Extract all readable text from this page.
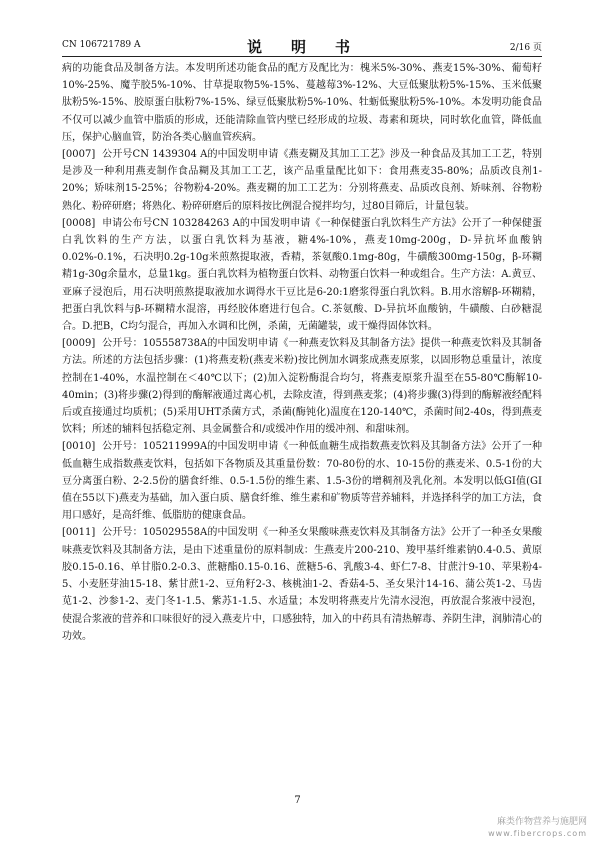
CN 106721789 A	说　明　书	2/16 页

病的功能食品及制备方法。本发明所述功能食品的配方及配比为：槐米5%-30%、燕麦15%-30%、葡萄籽10%-25%、魔芋胶5%-10%、甘草提取物5%-15%、蔓越莓3%-12%、大豆低聚肽粉5%-15%、玉米低聚肽粉5%-15%、胶原蛋白肽粉7%-15%、绿豆低聚肽粉5%-10%、牡蛎低聚肽粉5%-10%。本发明功能食品不仅可以减少血管中脂质的形成，还能清除血管内壁已经形成的垃圾、毒素和斑块，同时软化血管，降低血压，保护心脑血管，防治各类心脑血管疾病。

[0007] 公开号CN 1439304 A的中国发明申请《燕麦糊及其加工工艺》涉及一种食品及其加工工艺，特别是涉及一种利用燕麦制作食品糊及其加工工艺，该产品重量配比如下：食用燕麦35-80%；品质改良剂1-20%；矫味剂15-25%；谷物粉4-20%。燕麦糊的加工工艺为：分别将燕麦、品质改良剂、矫味剂、谷物粉熟化、粉碎研磨；将熟化、粉碎研磨后的原料按比例混合搅拌均匀，过80目筛后，计量包装。

[0008] 申请公布号CN 103284263 A的中国发明申请《一种保健蛋白乳饮料生产方法》公开了一种保健蛋白乳饮料的生产方法，以蛋白乳饮料为基液，糖4%-10%，燕麦10mg-200g，D-异抗坏血酸钠0.02%-0.1%，石决明0.2g-10g米煎熬提取液，香精，茶氨酸0.1mg-80g，牛磺酸300mg-150g，β-环糊精1g-30g余量水，总量1kg。蛋白乳饮料为植物蛋白饮料、动物蛋白饮料一种或组合。生产方法：A.黄豆、亚麻子浸泡后，用石决明煎熬提取液加水调得水干豆比是6-20:1磨浆得蛋白乳饮料。B.用水溶解β-环糊精，把蛋白乳饮料与β-环糊精水混溶，再经胶体磨进行包合。C.茶氨酸、D-异抗坏血酸钠，牛磺酸、白砂糖混合。D.把B，C均匀混合，再加入水调和比例，杀菌，无菌罐装，或干燥得固体饮料。

[0009] 公开号：105558738A的中国发明申请《一种燕麦饮料及其制备方法》提供一种燕麦饮料及其制备方法。所述的方法包括步骤：(1)将燕麦粉(燕麦米粉)按比例加水调浆成燕麦原浆，以固形物总重量计，浓度控制在1-40%，水温控制在＜40℃以下；(2)加入淀粉酶混合均匀，将燕麦原浆升温至在55-80℃酶解10-40min；(3)将步骤(2)得到的酶解液通过离心机，去除皮渣，得到燕麦浆；(4)将步骤(3)得到的酶解液经配料后或直接通过均质机；(5)采用UHT杀菌方式，杀菌(酶钝化)温度在120-140℃，杀菌时间2-40s，得到燕麦饮料；所述的辅料包括稳定剂、具金属螯合和/或缓冲作用的缓冲剂、和甜味剂。

[0010] 公开号：105211999A的中国发明申请《一种低血糖生成指数燕麦饮料及其制备方法》公开了一种低血糖生成指数燕麦饮料，包括如下各物质及其重量份数：70-80份的水、10-15份的燕麦米、0.5-1份的大豆分离蛋白粉、2-2.5份的膳食纤维、0.5-1.5份的维生素、1.5-3份的增稠剂及乳化剂。本发明以低GI值(GI值在55以下)燕麦为基础，加入蛋白质、膳食纤维、维生素和矿物质等营养辅料，并选择科学的加工方法，食用口感好，是高纤维、低脂肪的健康食品。

[0011] 公开号：105029558A的中国发明《一种圣女果酸味燕麦饮料及其制备方法》公开了一种圣女果酸味燕麦饮料及其制备方法，是由下述重量份的原料制成：生燕麦片200-210、羧甲基纤维素钠0.4-0.5、黄原胶0.15-0.16、单甘脂0.2-0.3、蔗糖酯0.15-0.16、蔗糖5-6、乳酸3-4、虾仁7-8、甘蔗汁9-10、苹果粉4-5、小麦胚芽油15-18、紫甘蔗1-2、豆角籽2-3、核桃油1-2、香菇4-5、圣女果汁14-16、蒲公英1-2、马齿苋1-2、沙参1-2、麦门冬1-1.5、紫苏1-1.5、水适量；本发明将燕麦片先清水浸泡，再放混合浆液中浸泡，使混合浆液的营养和口味很好的浸入燕麦片中，口感独特，加入的中药具有清热解毒、养阴生津，润肺清心的功效。

7
麻类作物营养与施肥网
www.fibercrops.com
